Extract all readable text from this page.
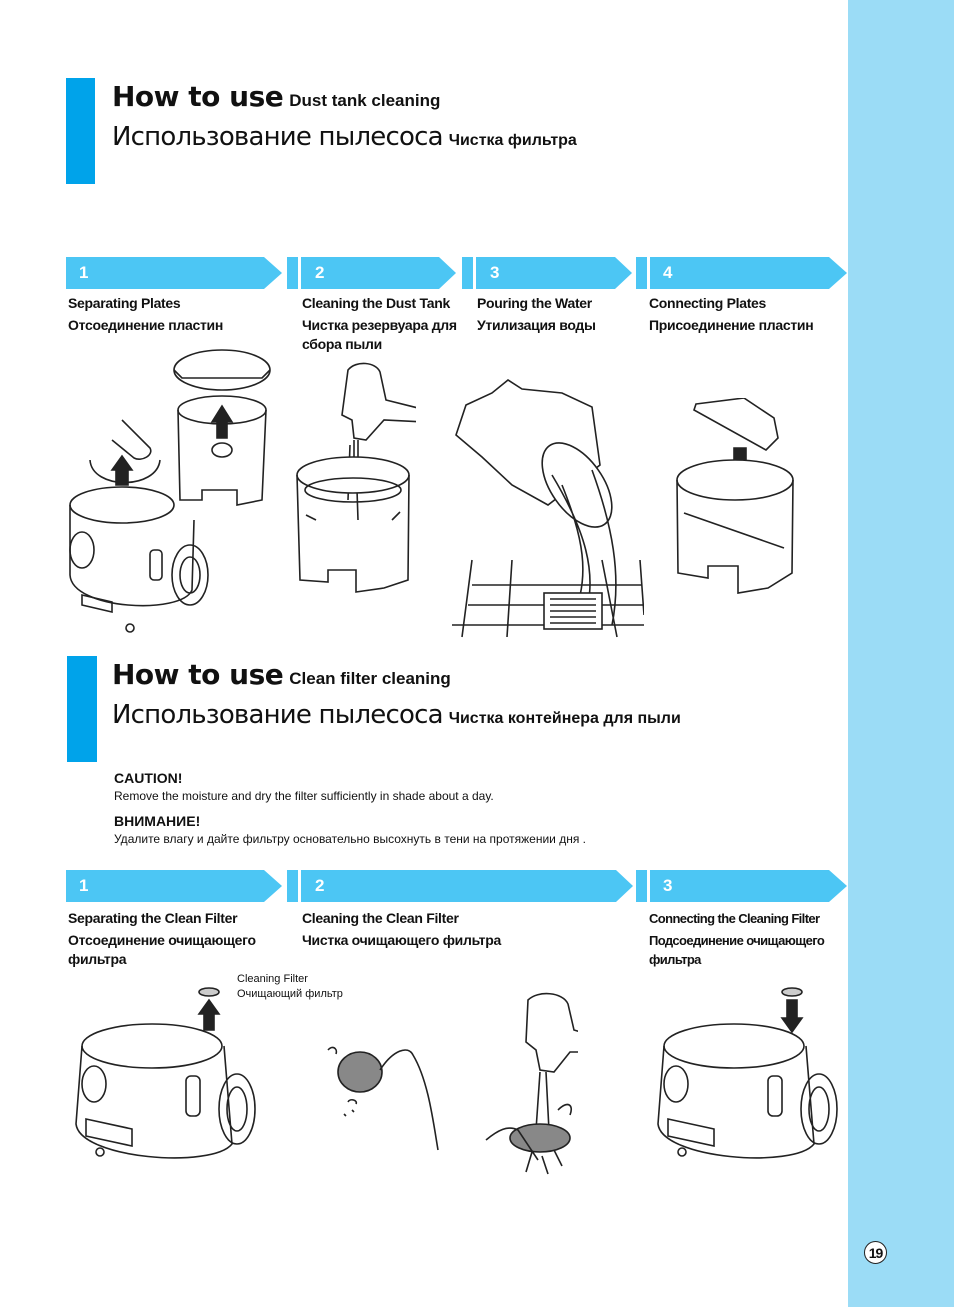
19
How to use Dust tank cleaning
Использование пылесоса Чистка фильтра
1	2	3	4
Separating Plates
Отсоединение пластин
Cleaning the Dust Tank
Чистка резервуара для сбора пыли
Pouring the Water
Утилизация воды
Connecting Plates
Присоединение пластин
How to use Clean filter cleaning
Использование пылесоса Чистка контейнера для пыли
CAUTION!
Remove the moisture and dry the filter sufficiently in shade about a day.
ВНИМАНИЕ!
Удалите влагу и дайте фильтру основательно высохнуть в тени на протяжении дня .
1	2	3
Separating the Clean Filter
Отсоединение очищающего фильтра
Cleaning the Clean Filter
Чистка очищающего фильтра
Connecting the Cleaning Filter
Подсоединение очищающего фильтра
Cleaning Filter
Очищающий фильтр
